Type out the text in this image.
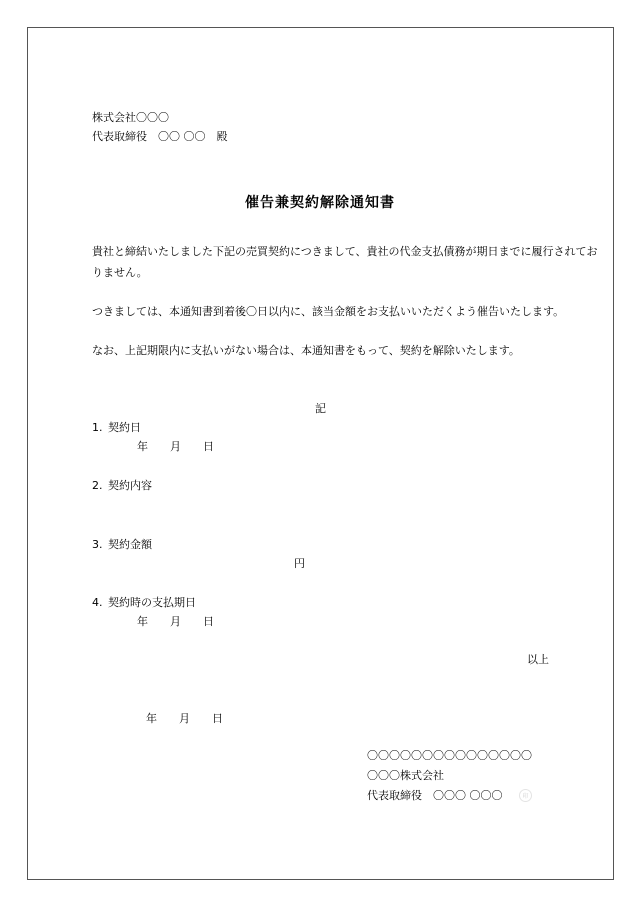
株式会社〇〇〇
代表取締役　〇〇 〇〇　殿
催告兼契約解除通知書
貴社と締結いたしました下記の売買契約につきまして、貴社の代金支払債務が期日までに履行されてお
りません。
つきましては、本通知書到着後〇日以内に、該当金額をお支払いいただくよう催告いたします。
なお、上記期限内に支払いがない場合は、本通知書をもって、契約を解除いたします。
記
1. 契約日
年　　月　　日
2. 契約内容
3. 契約金額
円
4. 契約時の支払期日
年　　月　　日
以上
年　　月　　日
〇〇〇〇〇〇〇〇〇〇〇〇〇〇〇
〇〇〇株式会社
代表取締役　〇〇〇 〇〇〇	印
